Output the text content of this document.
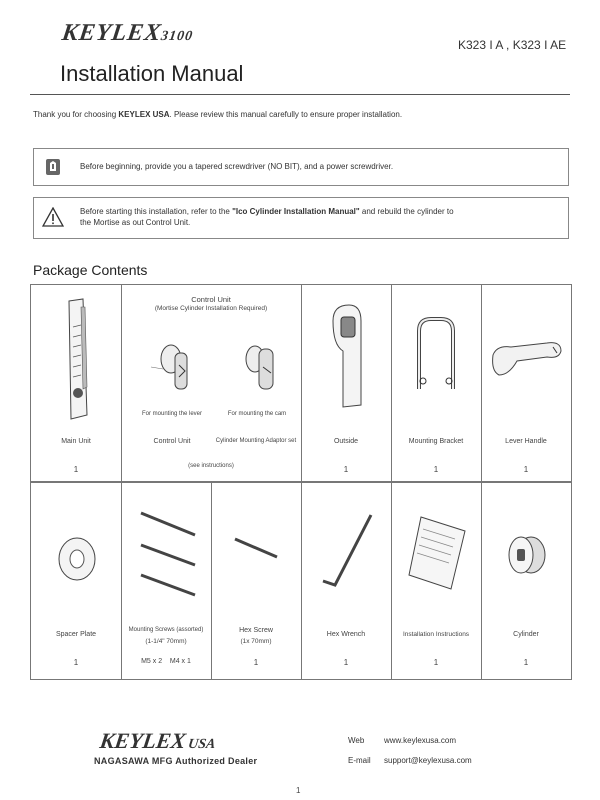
KEYLEX3100
K323 I A , K323 I AE
Installation Manual
Thank you for choosing KEYLEX USA. Please review this manual carefully to ensure proper installation.
Before beginning, provide you a tapered screwdriver (NO BIT), and a power screwdriver.
Before starting this installation, refer to the "Ico Cylinder Installation Manual" and rebuild the cylinder to
the Mortise as out Control Unit.
Package Contents
Main Unit
1
Control Unit
(Mortise Cylinder Installation Required)
For mounting the lever	For mounting the cam
Control Unit	Cylinder Mounting Adaptor set
(see instructions)
Outside
1
Mounting Bracket
1
Lever Handle
1
Spacer Plate
1
Mounting Screws (assorted)
(1-1/4" 70mm)
M5 x 2    M4 x 1
Hex Screw
(1x 70mm)
1
Hex Wrench
1
Installation Instructions
1
Cylinder
1
KEYLEXUSA
NAGASAWA MFG Authorized Dealer
Web www.keylexusa.com
E-mail support@keylexusa.com
1
